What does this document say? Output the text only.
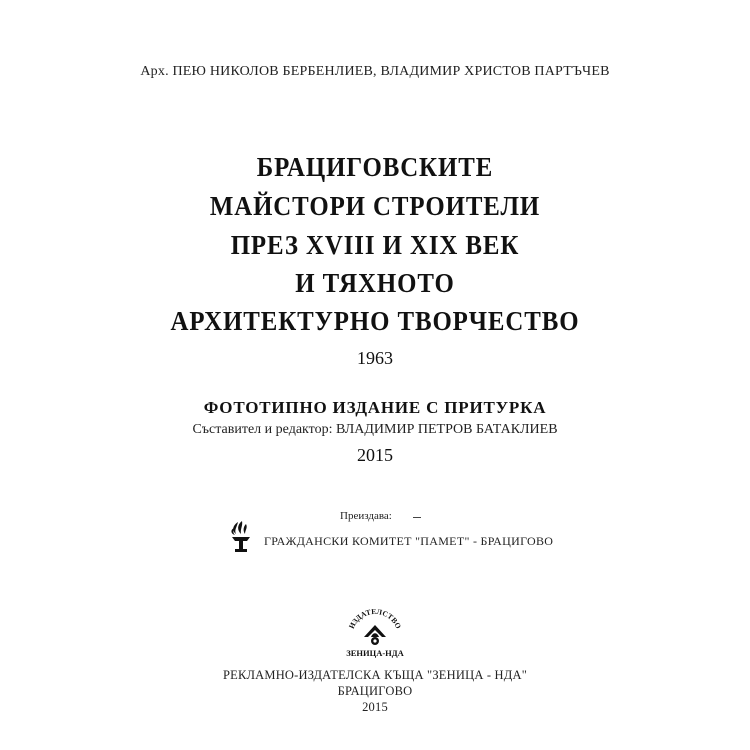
Арх. ПЕЮ НИКОЛОВ БЕРБЕНЛИЕВ, ВЛАДИМИР ХРИСТОВ ПАРТЪЧЕВ
БРАЦИГОВСКИТЕ
МАЙСТОРИ СТРОИТЕЛИ
ПРЕЗ XVIII И XIX ВЕК
И ТЯХНОТО
АРХИТЕКТУРНО ТВОРЧЕСТВО
1963
ФОТОТИПНО ИЗДАНИЕ С ПРИТУРКА
Съставител и редактор: ВЛАДИМИР ПЕТРОВ БАТАКЛИЕВ
2015
Преиздава:
ГРАЖДАНСКИ КОМИТЕТ "ПАМЕТ" - БРАЦИГОВО
ИЗДАТЕЛСТВО
ЗЕНИЦА-НДА
РЕКЛАМНО-ИЗДАТЕЛСКА КЪЩА "ЗЕНИЦА - НДА"
БРАЦИГОВО
2015
